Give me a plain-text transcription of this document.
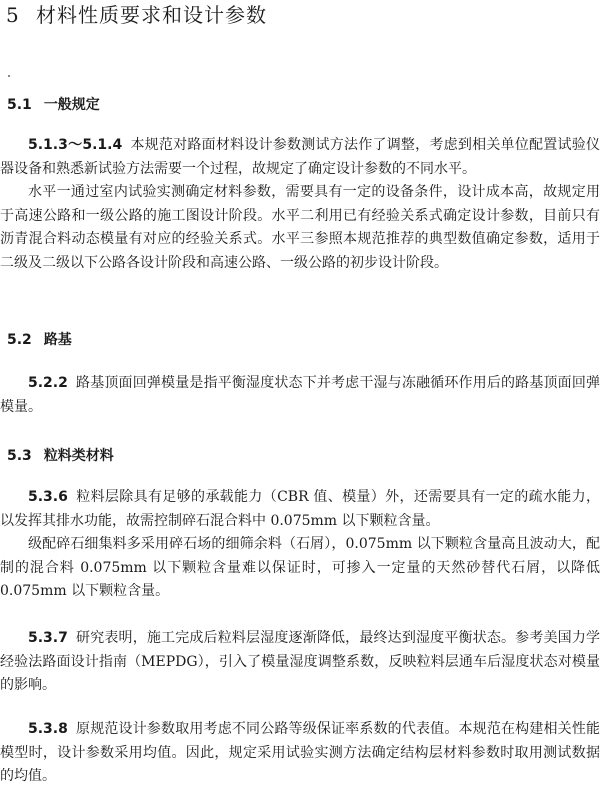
5 材料性质要求和设计参数
5.1 一般规定

5.1.3～5.1.4 本规范对路面材料设计参数测试方法作了调整，考虑到相关单位配置试验仪器设备和熟悉新试验方法需要一个过程，故规定了确定设计参数的不同水平。

水平一通过室内试验实测确定材料参数，需要具有一定的设备条件，设计成本高，故规定用于高速公路和一级公路的施工图设计阶段。水平二利用已有经验关系式确定设计参数，目前只有沥青混合料动态模量有对应的经验关系式。水平三参照本规范推荐的典型数值确定参数，适用于二级及二级以下公路各设计阶段和高速公路、一级公路的初步设计阶段。

5.2 路基

5.2.2 路基顶面回弹模量是指平衡湿度状态下并考虑干湿与冻融循环作用后的路基顶面回弹模量。

5.3 粒料类材料

5.3.6 粒料层除具有足够的承载能力（CBR 值、模量）外，还需要具有一定的疏水能力，以发挥其排水功能，故需控制碎石混合料中 0.075mm 以下颗粒含量。

级配碎石细集料多采用碎石场的细筛余料（石屑），0.075mm 以下颗粒含量高且波动大，配制的混合料 0.075mm 以下颗粒含量难以保证时，可掺入一定量的天然砂替代石屑，以降低 0.075mm 以下颗粒含量。

5.3.7 研究表明，施工完成后粒料层湿度逐渐降低，最终达到湿度平衡状态。参考美国力学经验法路面设计指南（MEPDG），引入了模量湿度调整系数，反映粒料层通车后湿度状态对模量的影响。

5.3.8 原规范设计参数取用考虑不同公路等级保证率系数的代表值。本规范在构建相关性能模型时，设计参数采用均值。因此，规定采用试验实测方法确定结构层材料参数时取用测试数据的均值。
